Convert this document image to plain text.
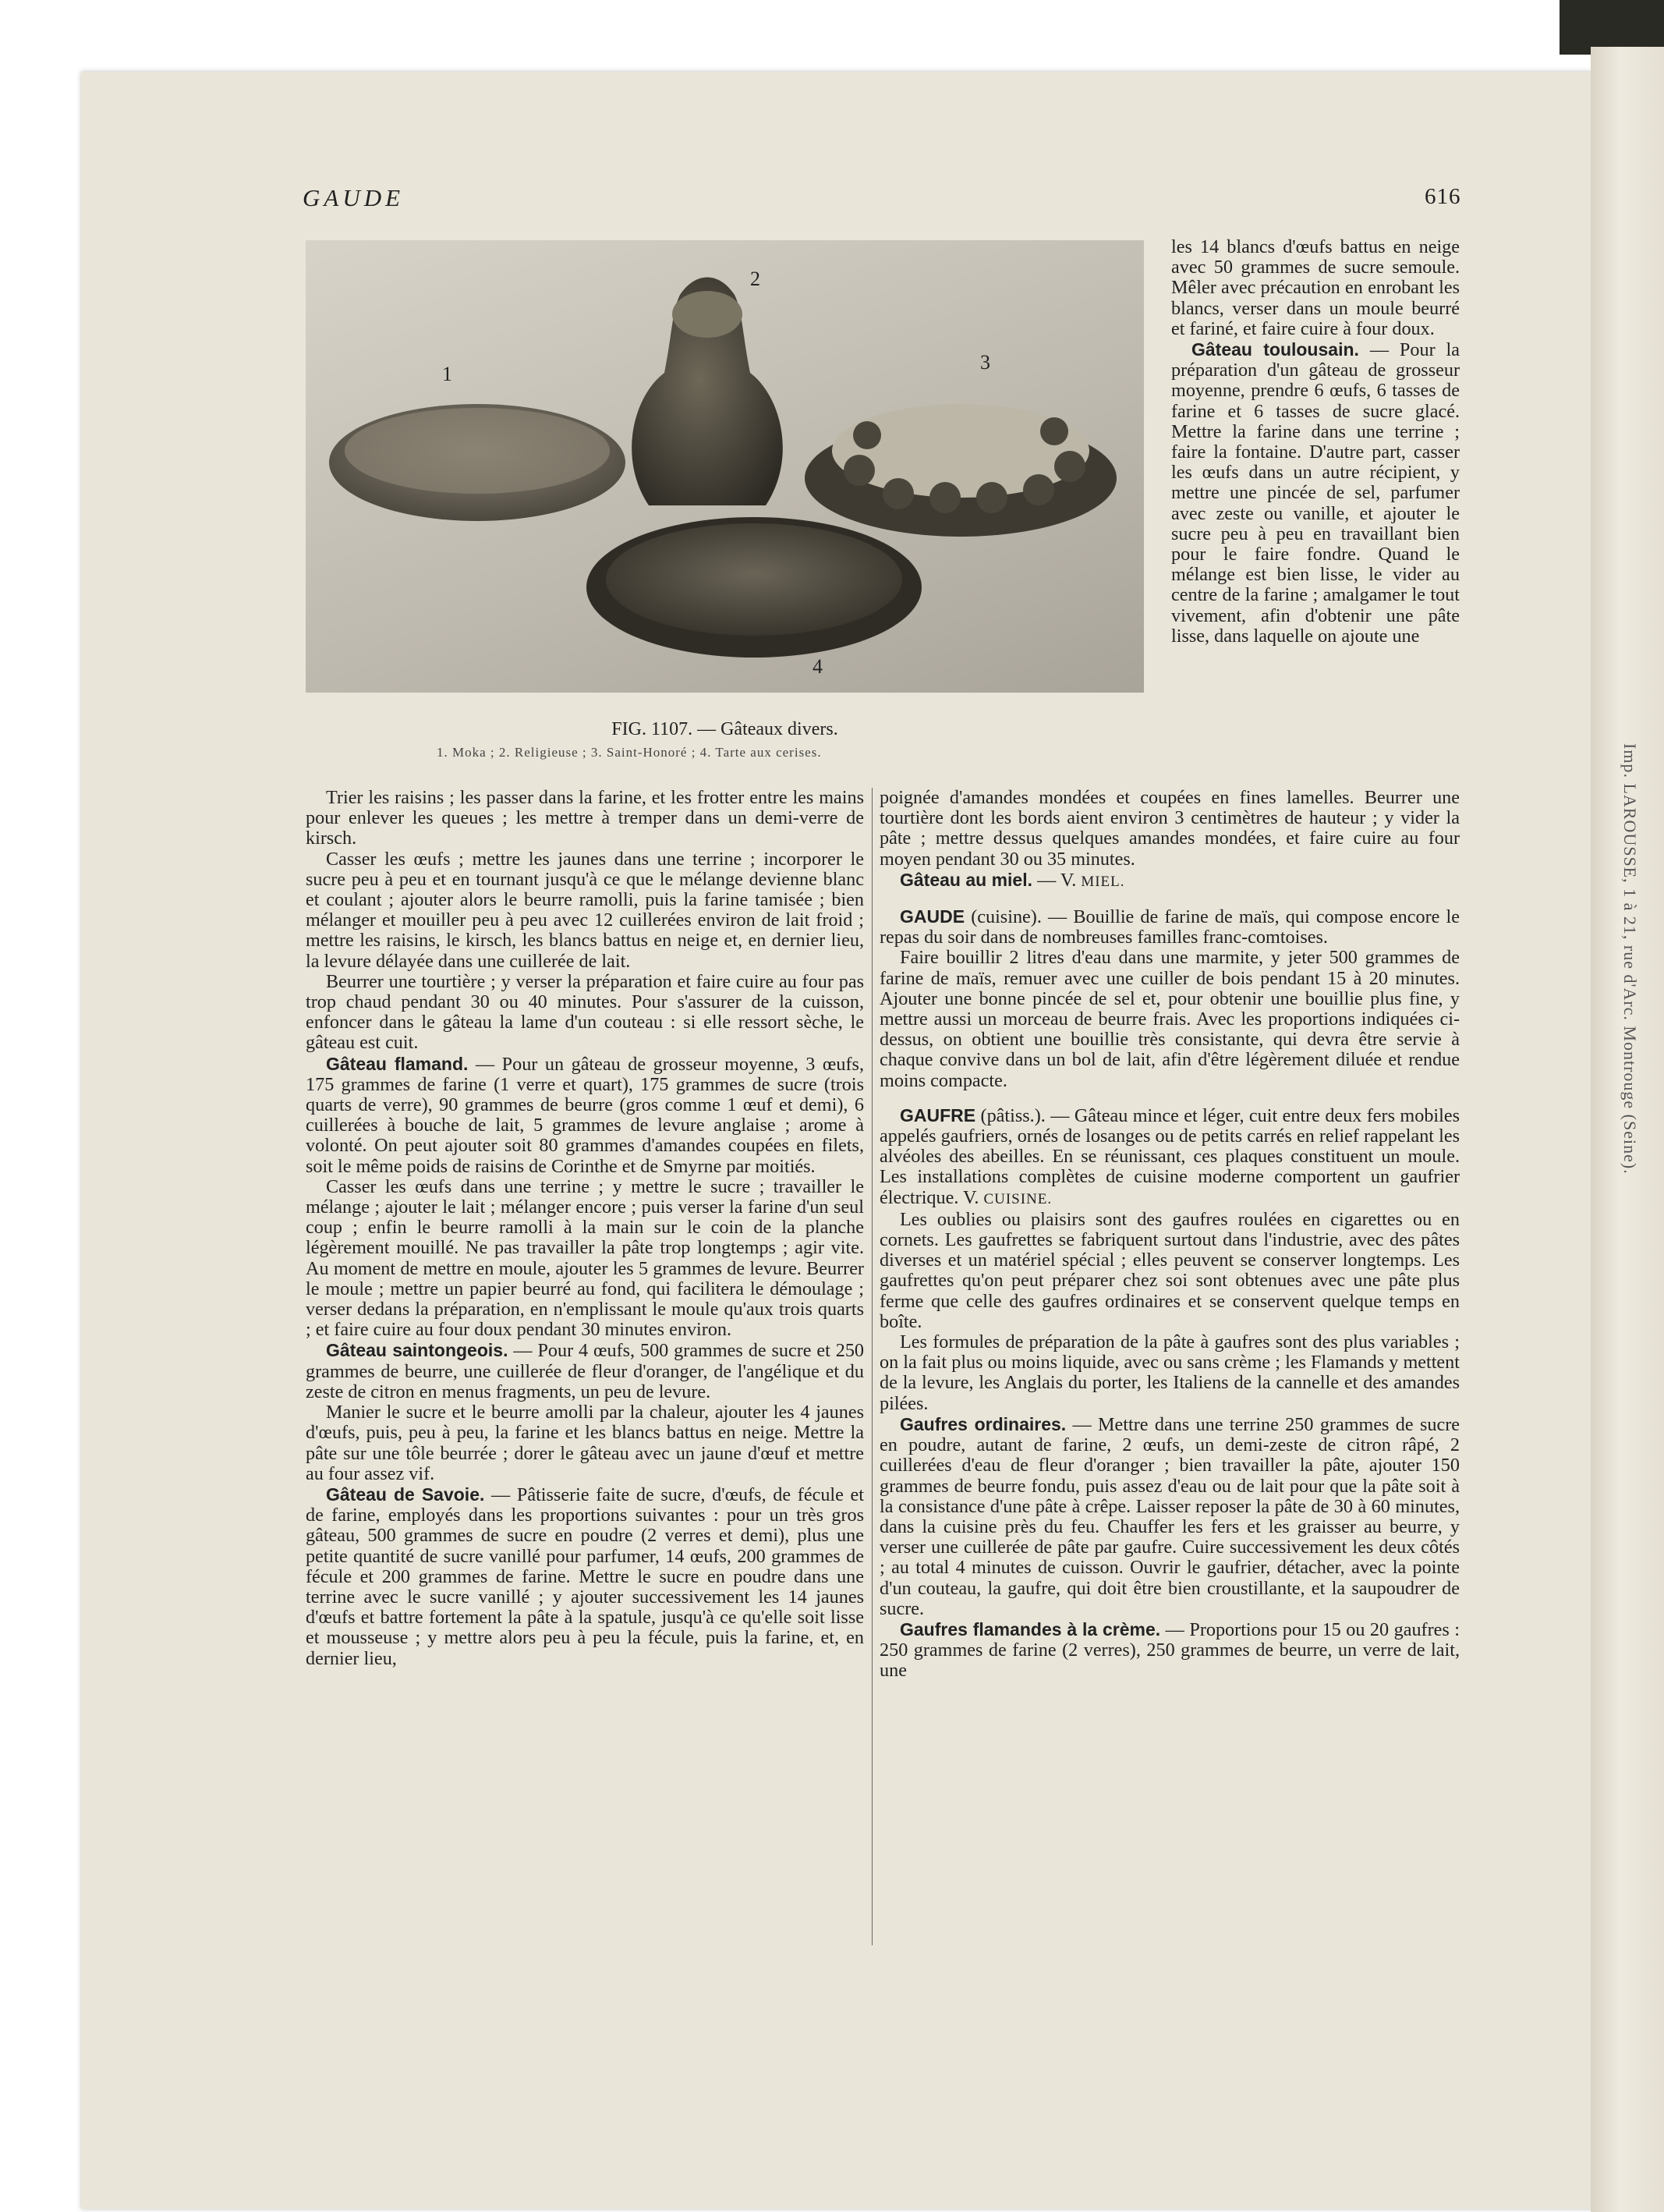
Imp. LAROUSSE, 1 à 21, rue d'Arc. Montrouge (Seine).
GAUDE	616
1
2
3
4
FIG. 1107. — Gâteaux divers.
1. Moka ; 2. Religieuse ; 3. Saint-Honoré ; 4. Tarte aux cerises.

les 14 blancs d'œufs battus en neige avec 50 grammes de sucre semoule. Mêler avec précaution en enrobant les blancs, verser dans un moule beurré et fariné, et faire cuire à four doux.

Gâteau toulousain. — Pour la préparation d'un gâteau de grosseur moyenne, prendre 6 œufs, 6 tasses de farine et 6 tasses de sucre glacé. Mettre la farine dans une terrine ; faire la fontaine. D'autre part, casser les œufs dans un autre récipient, y mettre une pincée de sel, parfumer avec zeste ou vanille, et ajouter le sucre peu à peu en travaillant bien pour le faire fondre. Quand le mélange est bien lisse, le vider au centre de la farine ; amalgamer le tout vivement, afin d'obtenir une pâte lisse, dans laquelle on ajoute une

Trier les raisins ; les passer dans la farine, et les frotter entre les mains pour enlever les queues ; les mettre à tremper dans un demi-verre de kirsch.

Casser les œufs ; mettre les jaunes dans une terrine ; incorporer le sucre peu à peu et en tournant jusqu'à ce que le mélange devienne blanc et coulant ; ajouter alors le beurre ramolli, puis la farine tamisée ; bien mélanger et mouiller peu à peu avec 12 cuillerées environ de lait froid ; mettre les raisins, le kirsch, les blancs battus en neige et, en dernier lieu, la levure délayée dans une cuillerée de lait.

Beurrer une tourtière ; y verser la préparation et faire cuire au four pas trop chaud pendant 30 ou 40 minutes. Pour s'assurer de la cuisson, enfoncer dans le gâteau la lame d'un couteau : si elle ressort sèche, le gâteau est cuit.

Gâteau flamand. — Pour un gâteau de grosseur moyenne, 3 œufs, 175 grammes de farine (1 verre et quart), 175 grammes de sucre (trois quarts de verre), 90 grammes de beurre (gros comme 1 œuf et demi), 6 cuillerées à bouche de lait, 5 grammes de levure anglaise ; arome à volonté. On peut ajouter soit 80 grammes d'amandes coupées en filets, soit le même poids de raisins de Corinthe et de Smyrne par moitiés.

Casser les œufs dans une terrine ; y mettre le sucre ; travailler le mélange ; ajouter le lait ; mélanger encore ; puis verser la farine d'un seul coup ; enfin le beurre ramolli à la main sur le coin de la planche légèrement mouillé. Ne pas travailler la pâte trop longtemps ; agir vite. Au moment de mettre en moule, ajouter les 5 grammes de levure. Beurrer le moule ; mettre un papier beurré au fond, qui facilitera le démoulage ; verser dedans la préparation, en n'emplissant le moule qu'aux trois quarts ; et faire cuire au four doux pendant 30 minutes environ.

Gâteau saintongeois. — Pour 4 œufs, 500 grammes de sucre et 250 grammes de beurre, une cuillerée de fleur d'oranger, de l'angélique et du zeste de citron en menus fragments, un peu de levure.

Manier le sucre et le beurre amolli par la chaleur, ajouter les 4 jaunes d'œufs, puis, peu à peu, la farine et les blancs battus en neige. Mettre la pâte sur une tôle beurrée ; dorer le gâteau avec un jaune d'œuf et mettre au four assez vif.

Gâteau de Savoie. — Pâtisserie faite de sucre, d'œufs, de fécule et de farine, employés dans les proportions suivantes : pour un très gros gâteau, 500 grammes de sucre en poudre (2 verres et demi), plus une petite quantité de sucre vanillé pour parfumer, 14 œufs, 200 grammes de fécule et 200 grammes de farine. Mettre le sucre en poudre dans une terrine avec le sucre vanillé ; y ajouter successivement les 14 jaunes d'œufs et battre fortement la pâte à la spatule, jusqu'à ce qu'elle soit lisse et mousseuse ; y mettre alors peu à peu la fécule, puis la farine, et, en dernier lieu,

poignée d'amandes mondées et coupées en fines lamelles. Beurrer une tourtière dont les bords aient environ 3 centimètres de hauteur ; y vider la pâte ; mettre dessus quelques amandes mondées, et faire cuire au four moyen pendant 30 ou 35 minutes.

Gâteau au miel. — V. MIEL.

GAUDE (cuisine). — Bouillie de farine de maïs, qui compose encore le repas du soir dans de nombreuses familles franc-comtoises.

Faire bouillir 2 litres d'eau dans une marmite, y jeter 500 grammes de farine de maïs, remuer avec une cuiller de bois pendant 15 à 20 minutes. Ajouter une bonne pincée de sel et, pour obtenir une bouillie plus fine, y mettre aussi un morceau de beurre frais. Avec les proportions indiquées ci-dessus, on obtient une bouillie très consistante, qui devra être servie à chaque convive dans un bol de lait, afin d'être légèrement diluée et rendue moins compacte.

GAUFRE (pâtiss.). — Gâteau mince et léger, cuit entre deux fers mobiles appelés gaufriers, ornés de losanges ou de petits carrés en relief rappelant les alvéoles des abeilles. En se réunissant, ces plaques constituent un moule. Les installations complètes de cuisine moderne comportent un gaufrier électrique. V. CUISINE.

Les oublies ou plaisirs sont des gaufres roulées en cigarettes ou en cornets. Les gaufrettes se fabriquent surtout dans l'industrie, avec des pâtes diverses et un matériel spécial ; elles peuvent se conserver longtemps. Les gaufrettes qu'on peut préparer chez soi sont obtenues avec une pâte plus ferme que celle des gaufres ordinaires et se conservent quelque temps en boîte.

Les formules de préparation de la pâte à gaufres sont des plus variables ; on la fait plus ou moins liquide, avec ou sans crème ; les Flamands y mettent de la levure, les Anglais du porter, les Italiens de la cannelle et des amandes pilées.

Gaufres ordinaires. — Mettre dans une terrine 250 grammes de sucre en poudre, autant de farine, 2 œufs, un demi-zeste de citron râpé, 2 cuillerées d'eau de fleur d'oranger ; bien travailler la pâte, ajouter 150 grammes de beurre fondu, puis assez d'eau ou de lait pour que la pâte soit à la consistance d'une pâte à crêpe. Laisser reposer la pâte de 30 à 60 minutes, dans la cuisine près du feu. Chauffer les fers et les graisser au beurre, y verser une cuillerée de pâte par gaufre. Cuire successivement les deux côtés ; au total 4 minutes de cuisson. Ouvrir le gaufrier, détacher, avec la pointe d'un couteau, la gaufre, qui doit être bien croustillante, et la saupoudrer de sucre.

Gaufres flamandes à la crème. — Proportions pour 15 ou 20 gaufres : 250 grammes de farine (2 verres), 250 grammes de beurre, un verre de lait, une
